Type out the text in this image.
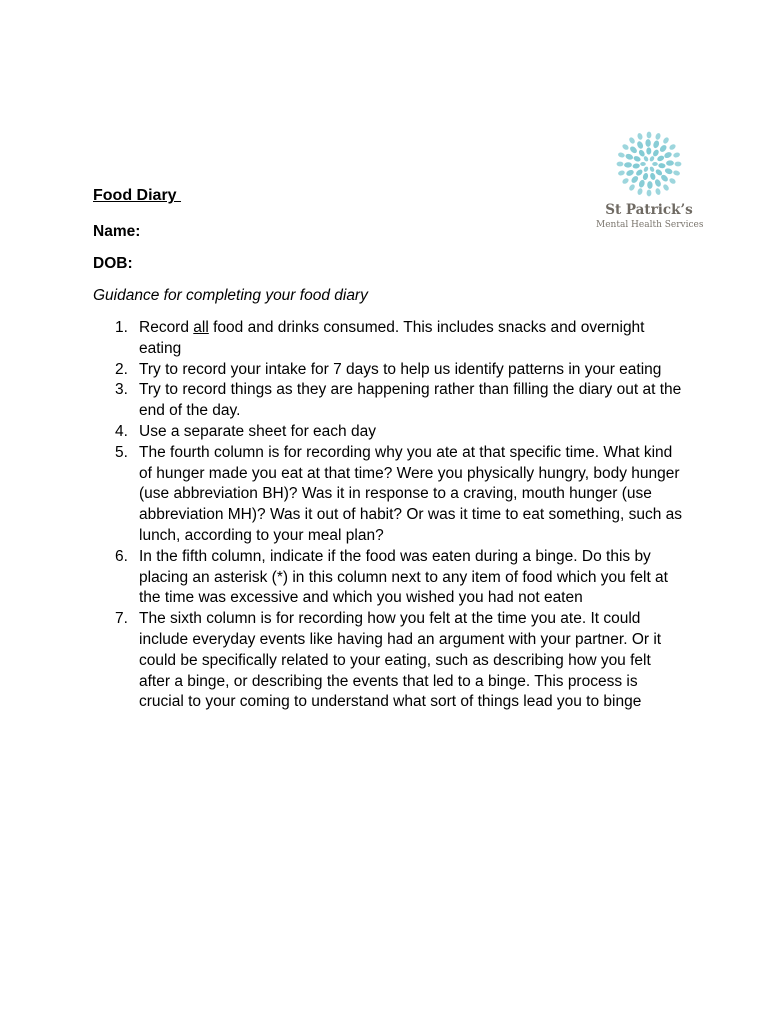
St Patrick’s
Mental Health Services
Food Diary
Name:
DOB:
Guidance for completing your food diary
1. Record all food and drinks consumed. This includes snacks and overnight eating
2. Try to record your intake for 7 days to help us identify patterns in your eating
3. Try to record things as they are happening rather than filling the diary out at the end of the day.
4. Use a separate sheet for each day
5. The fourth column is for recording why you ate at that specific time. What kind of hunger made you eat at that time? Were you physically hungry, body hunger (use abbreviation BH)? Was it in response to a craving, mouth hunger (use abbreviation MH)? Was it out of habit? Or was it time to eat something, such as lunch, according to your meal plan?
6. In the fifth column, indicate if the food was eaten during a binge. Do this by placing an asterisk (*) in this column next to any item of food which you felt at the time was excessive and which you wished you had not eaten
7. The sixth column is for recording how you felt at the time you ate. It could include everyday events like having had an argument with your partner. Or it could be specifically related to your eating, such as describing how you felt after a binge, or describing the events that led to a binge. This process is crucial to your coming to understand what sort of things lead you to binge
